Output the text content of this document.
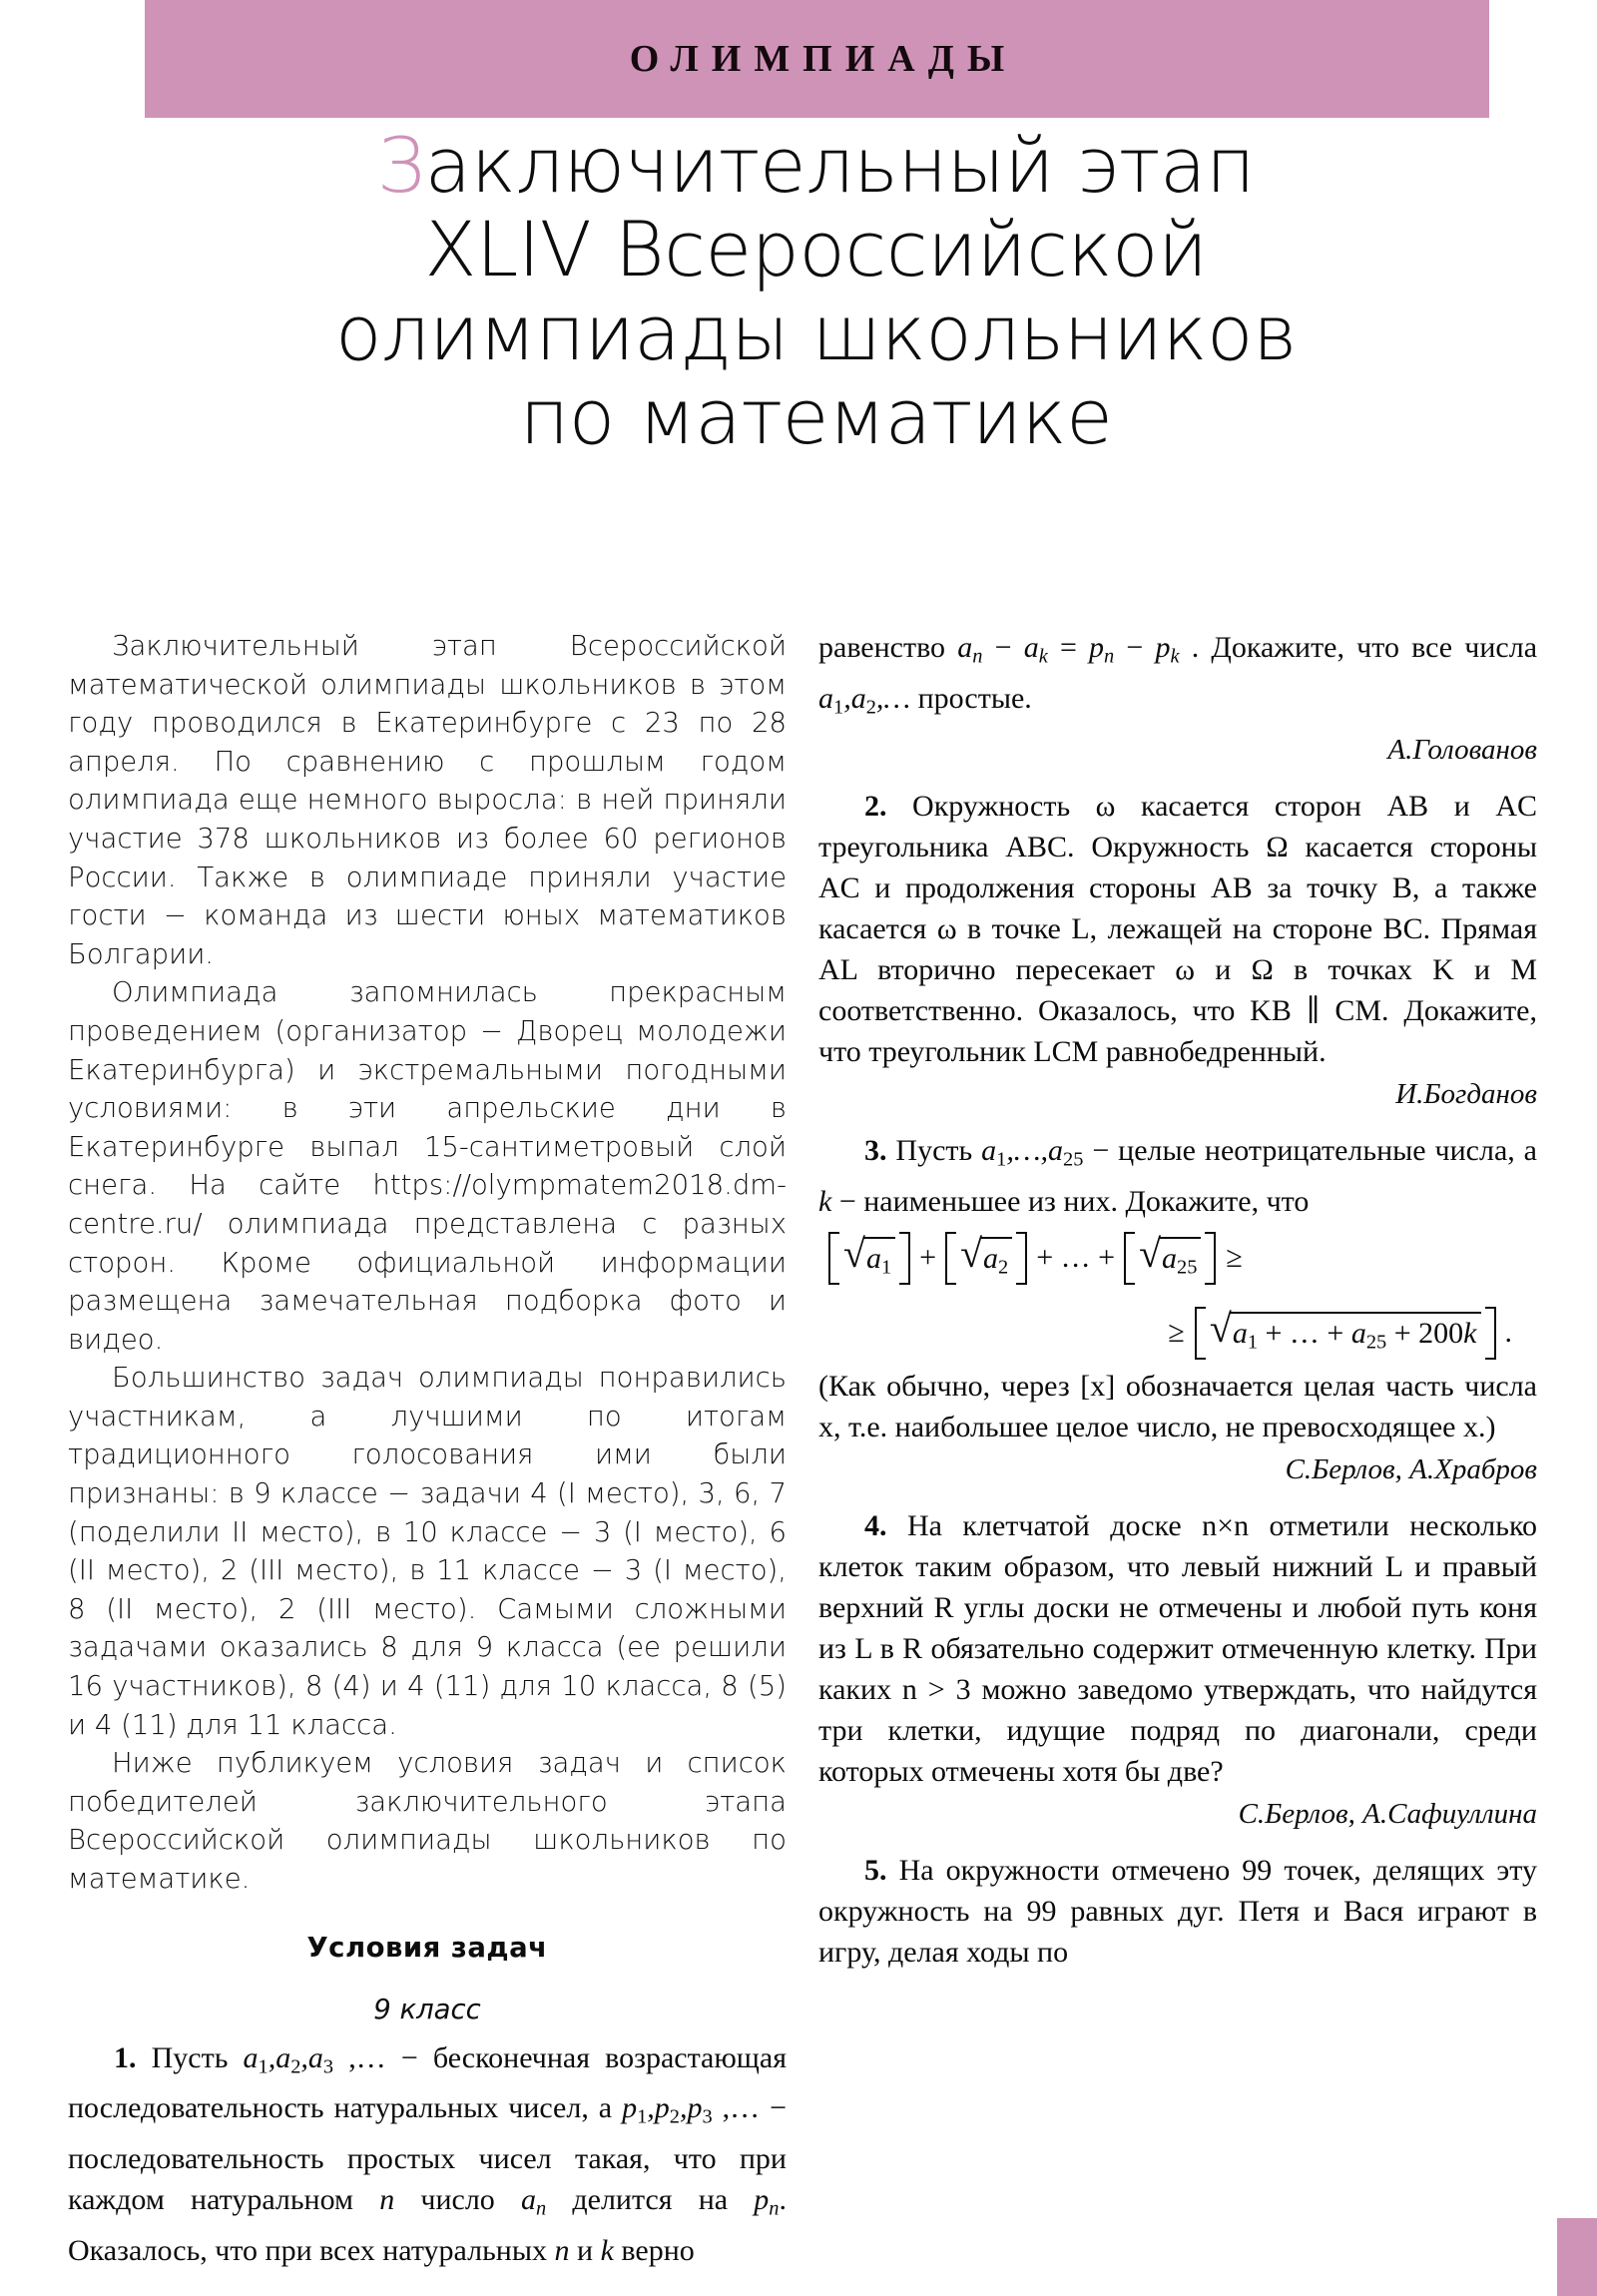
ОЛИМПИАДЫ
Заключительный этап
XLIV Всероссийской
олимпиады школьников
по математике

Заключительный этап Всероссийской математической олимпиады школьников в этом году проводился в Екатеринбурге с 23 по 28 апреля. По сравнению с прошлым годом олимпиада еще немного выросла: в ней приняли участие 378 школьников из более 60 регионов России. Также в олимпиаде приняли участие гости − команда из шести юных математиков Болгарии.

Олимпиада запомнилась прекрасным проведением (организатор − Дворец молодежи Екатеринбурга) и экстремальными погодными условиями: в эти апрельские дни в Екатеринбурге выпал 15-сантиметровый слой снега. На сайте https://olympmatem2018.dm-centre.ru/ олимпиада представлена с разных сторон. Кроме официальной информации размещена замечательная подборка фото и видео.

Большинство задач олимпиады понравились участникам, а лучшими по итогам традиционного голосования ими были признаны: в 9 классе − задачи 4 (I место), 3, 6, 7 (поделили II место), в 10 классе − 3 (I место), 6 (II место), 2 (III место), в 11 классе − 3 (I место), 8 (II место), 2 (III место). Самыми сложными задачами оказались 8 для 9 класса (ее решили 16 участников), 8 (4) и 4 (11) для 10 класса, 8 (5) и 4 (11) для 11 класса.

Ниже публикуем условия задач и список победителей заключительного этапа Всероссийской олимпиады школьников по математике.

Условия задач

9 класс

1. Пусть $a_1,a_2,a_3$ ,… − бесконечная возрастающая последовательность натуральных чисел, а $p_1,p_2,p_3$ ,… − последовательность простых чисел такая, что при каждом натуральном n число $a_n$ делится на $p_n$. Оказалось, что при всех натуральных n и k верно

равенство $a_n - a_k = p_n - p_k$ . Докажите, что все числа $a_1,a_2,\dots$ простые.

А.Голованов

2. Окружность ω касается сторон AB и AC треугольника ABC. Окружность Ω касается стороны AC и продолжения стороны AB за точку B, а также касается ω в точке L, лежащей на стороне BC. Прямая AL вторично пересекает ω и Ω в точках K и M соответственно. Оказалось, что KB ∥ CM. Докажите, что треугольник LCM равнобедренный.

И.Богданов

3. Пусть $a_1,\dots,a_{25}$ − целые неотрицательные числа, а k − наименьшее из них. Докажите, что

√ $a_1$ + √ $a_2$ + … + √ $a_{25}$ ≥
≥ √ $a_1$ + … + $a_{25} + 200k$ .

(Как обычно, через [x] обозначается целая часть числа x, т.е. наибольшее целое число, не превосходящее x.)

С.Берлов, А.Храбров

4. На клетчатой доске n×n отметили несколько клеток таким образом, что левый нижний L и правый верхний R углы доски не отмечены и любой путь коня из L в R обязательно содержит отмеченную клетку. При каких n > 3 можно заведомо утверждать, что найдутся три клетки, идущие подряд по диагонали, среди которых отмечены хотя бы две?

С.Берлов, А.Сафиуллина

5. На окружности отмечено 99 точек, делящих эту окружность на 99 равных дуг. Петя и Вася играют в игру, делая ходы по
